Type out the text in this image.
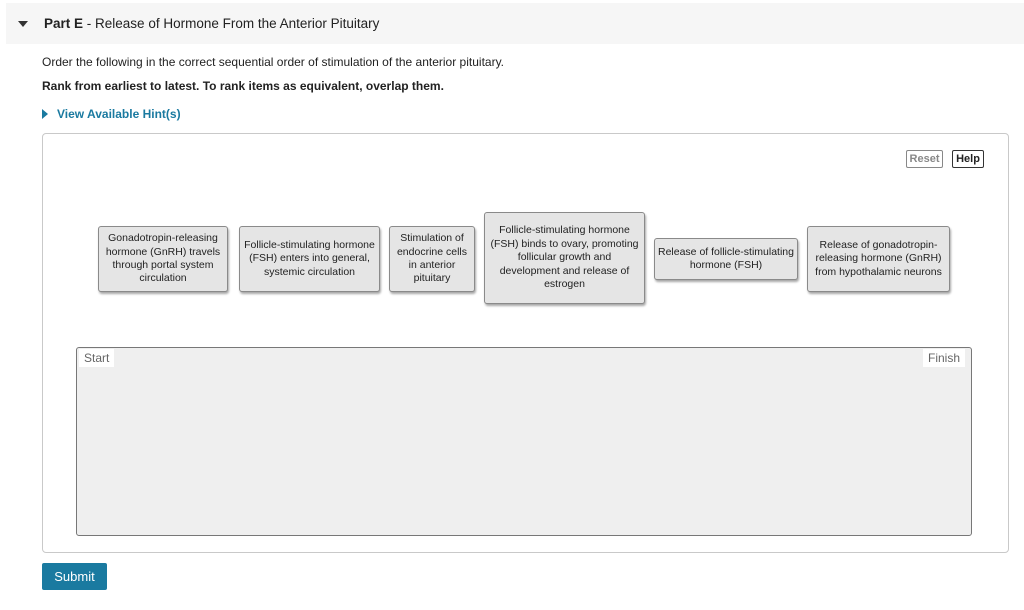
Part E - Release of Hormone From the Anterior Pituitary
Order the following in the correct sequential order of stimulation of the anterior pituitary.
Rank from earliest to latest. To rank items as equivalent, overlap them.
View Available Hint(s)
Reset	Help
Gonadotropin-releasing hormone (GnRH) travels through portal system circulation
Follicle-stimulating hormone (FSH) enters into general, systemic circulation
Stimulation of endocrine cells in anterior pituitary
Follicle-stimulating hormone (FSH) binds to ovary, promoting follicular growth and development and release of estrogen
Release of follicle-stimulating hormone (FSH)
Release of gonadotropin-releasing hormone (GnRH) from hypothalamic neurons
Start	Finish
Submit
